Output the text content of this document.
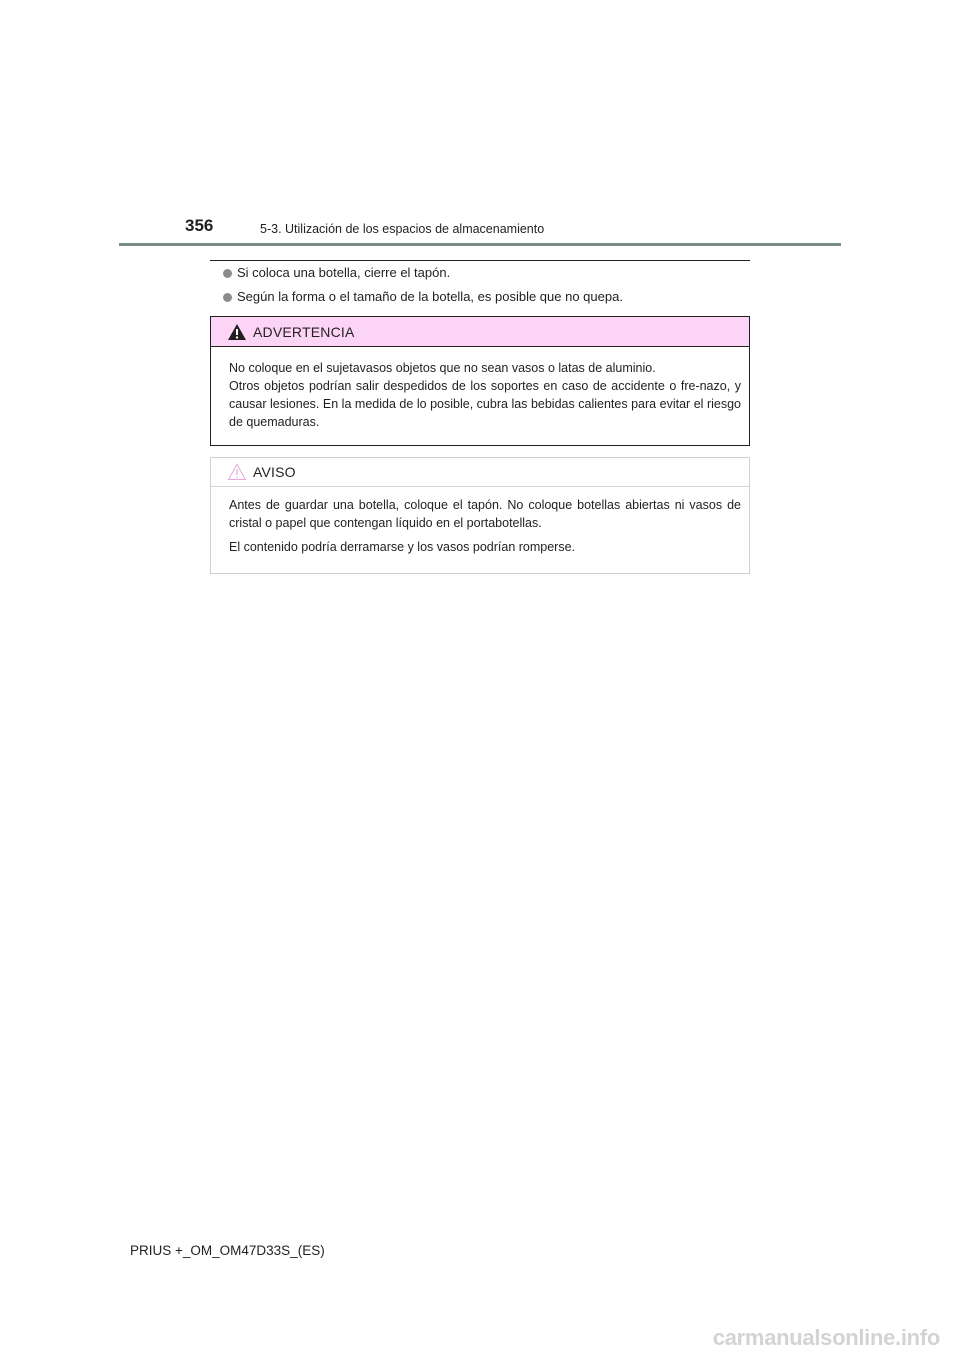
356	5-3. Utilización de los espacios de almacenamiento
Si coloca una botella, cierre el tapón.
Según la forma o el tamaño de la botella, es posible que no quepa.
ADVERTENCIA

No coloque en el sujetavasos objetos que no sean vasos o latas de aluminio.

Otros objetos podrían salir despedidos de los soportes en caso de accidente o fre-nazo, y causar lesiones. En la medida de lo posible, cubra las bebidas calientes para evitar el riesgo de quemaduras.

AVISO

Antes de guardar una botella, coloque el tapón. No coloque botellas abiertas ni vasos de cristal o papel que contengan líquido en el portabotellas.

El contenido podría derramarse y los vasos podrían romperse.

PRIUS +_OM_OM47D33S_(ES)
carmanualsonline.info
